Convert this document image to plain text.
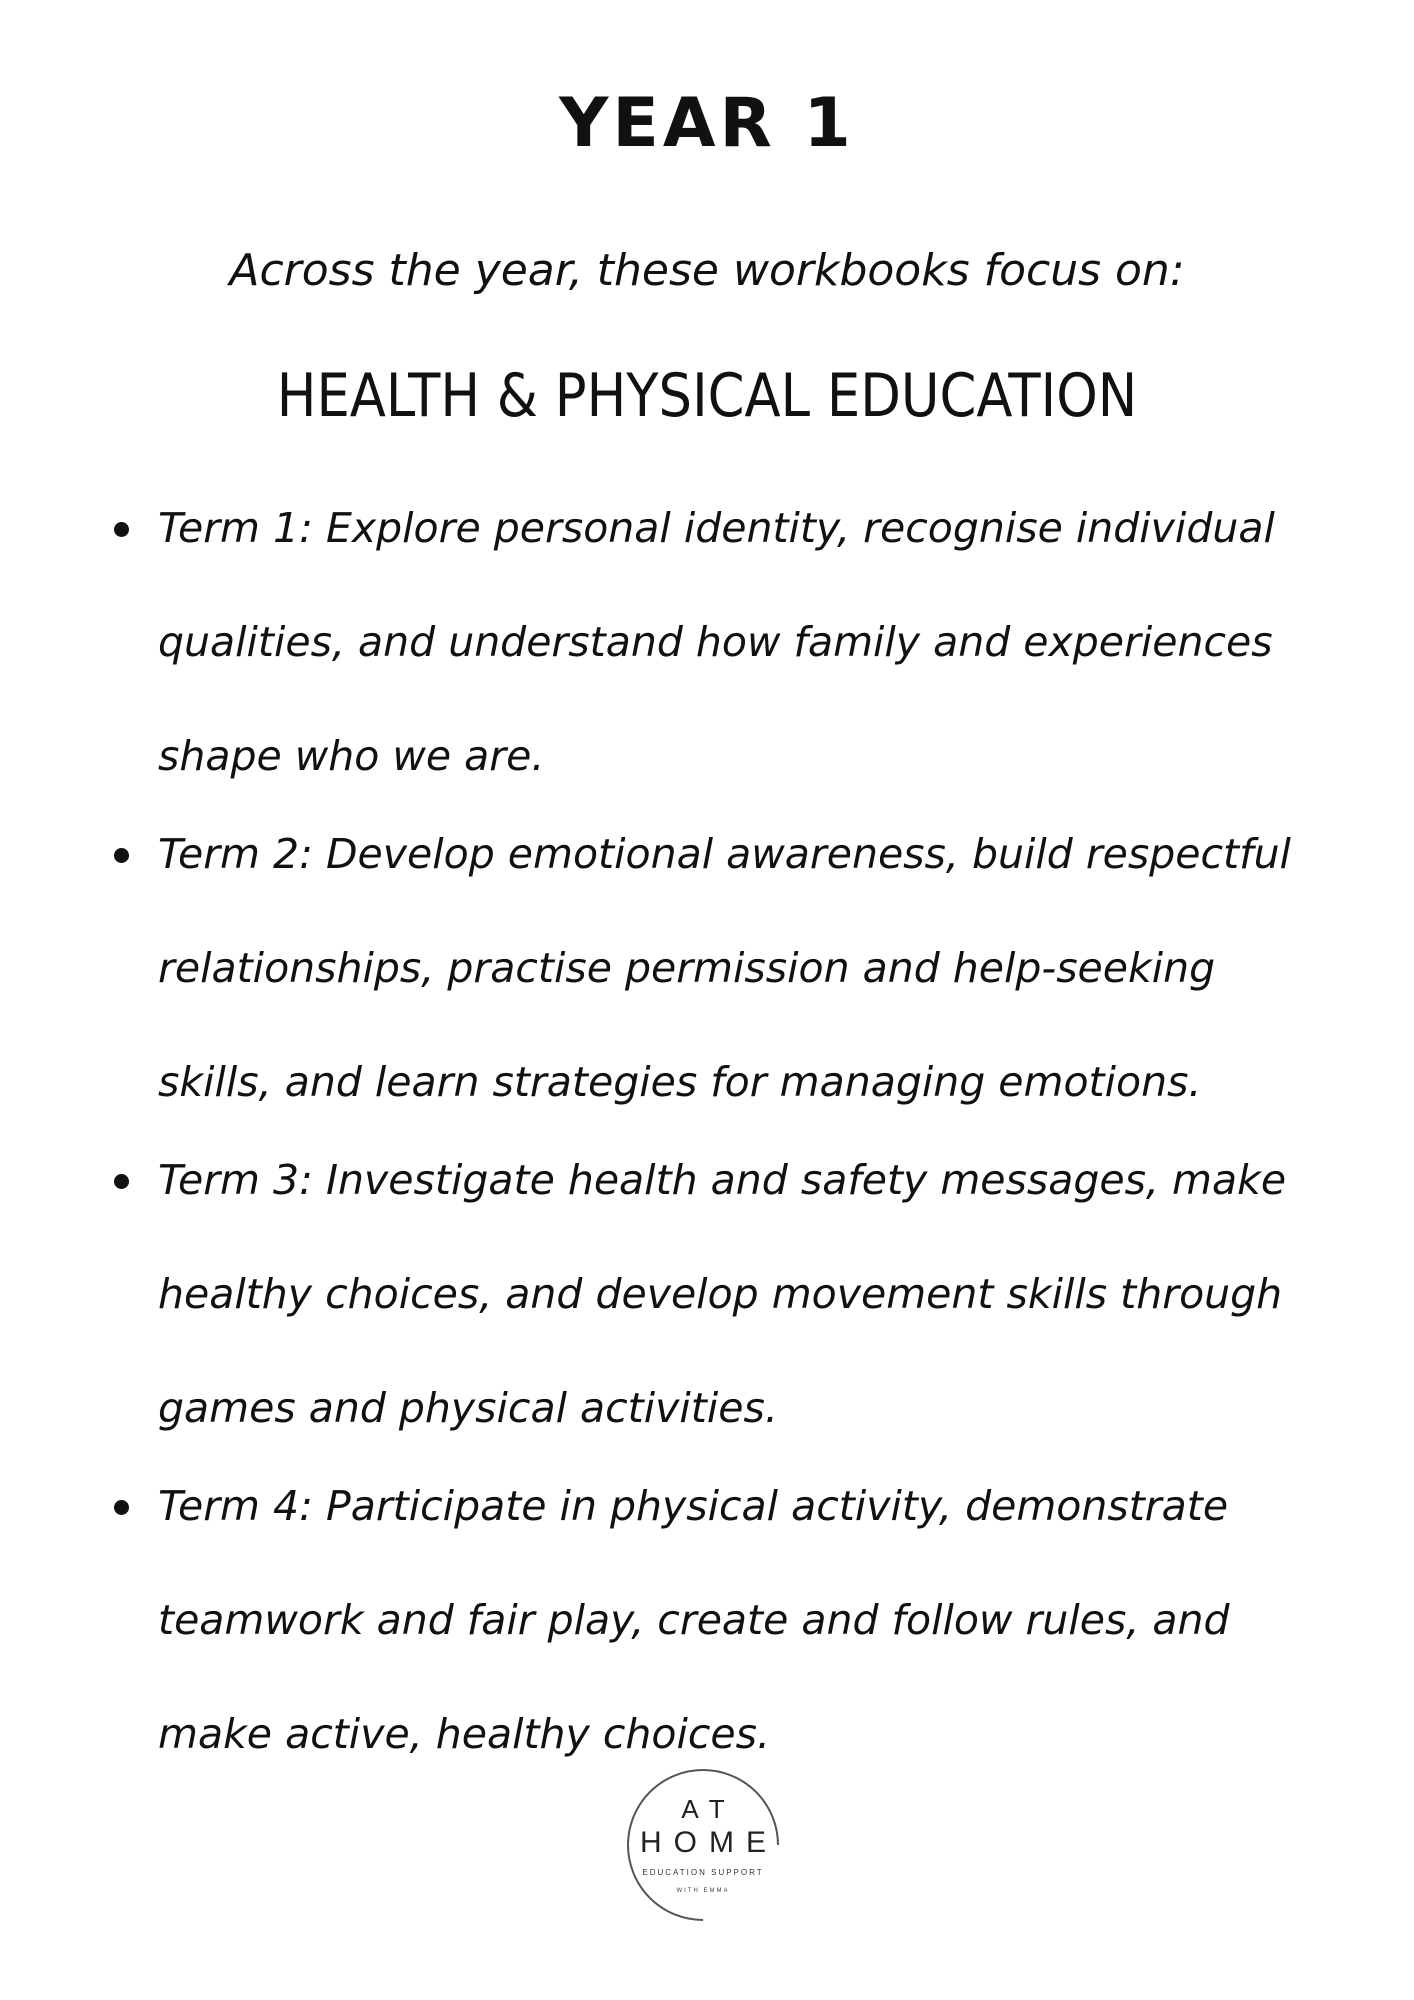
YEAR 1
Across the year, these workbooks focus on:
HEALTH & PHYSICAL EDUCATION
Term 1: Explore personal identity, recognise individual qualities, and understand how family and experiences shape who we are.
Term 2: Develop emotional awareness, build respectful relationships, practise permission and help-seeking skills, and learn strategies for managing emotions.
Term 3: Investigate health and safety messages, make healthy choices, and develop movement skills through games and physical activities.
Term 4: Participate in physical activity, demonstrate teamwork and fair play, create and follow rules, and make active, healthy choices.
AT
HOME
EDUCATION SUPPORT
WITH EMMA
